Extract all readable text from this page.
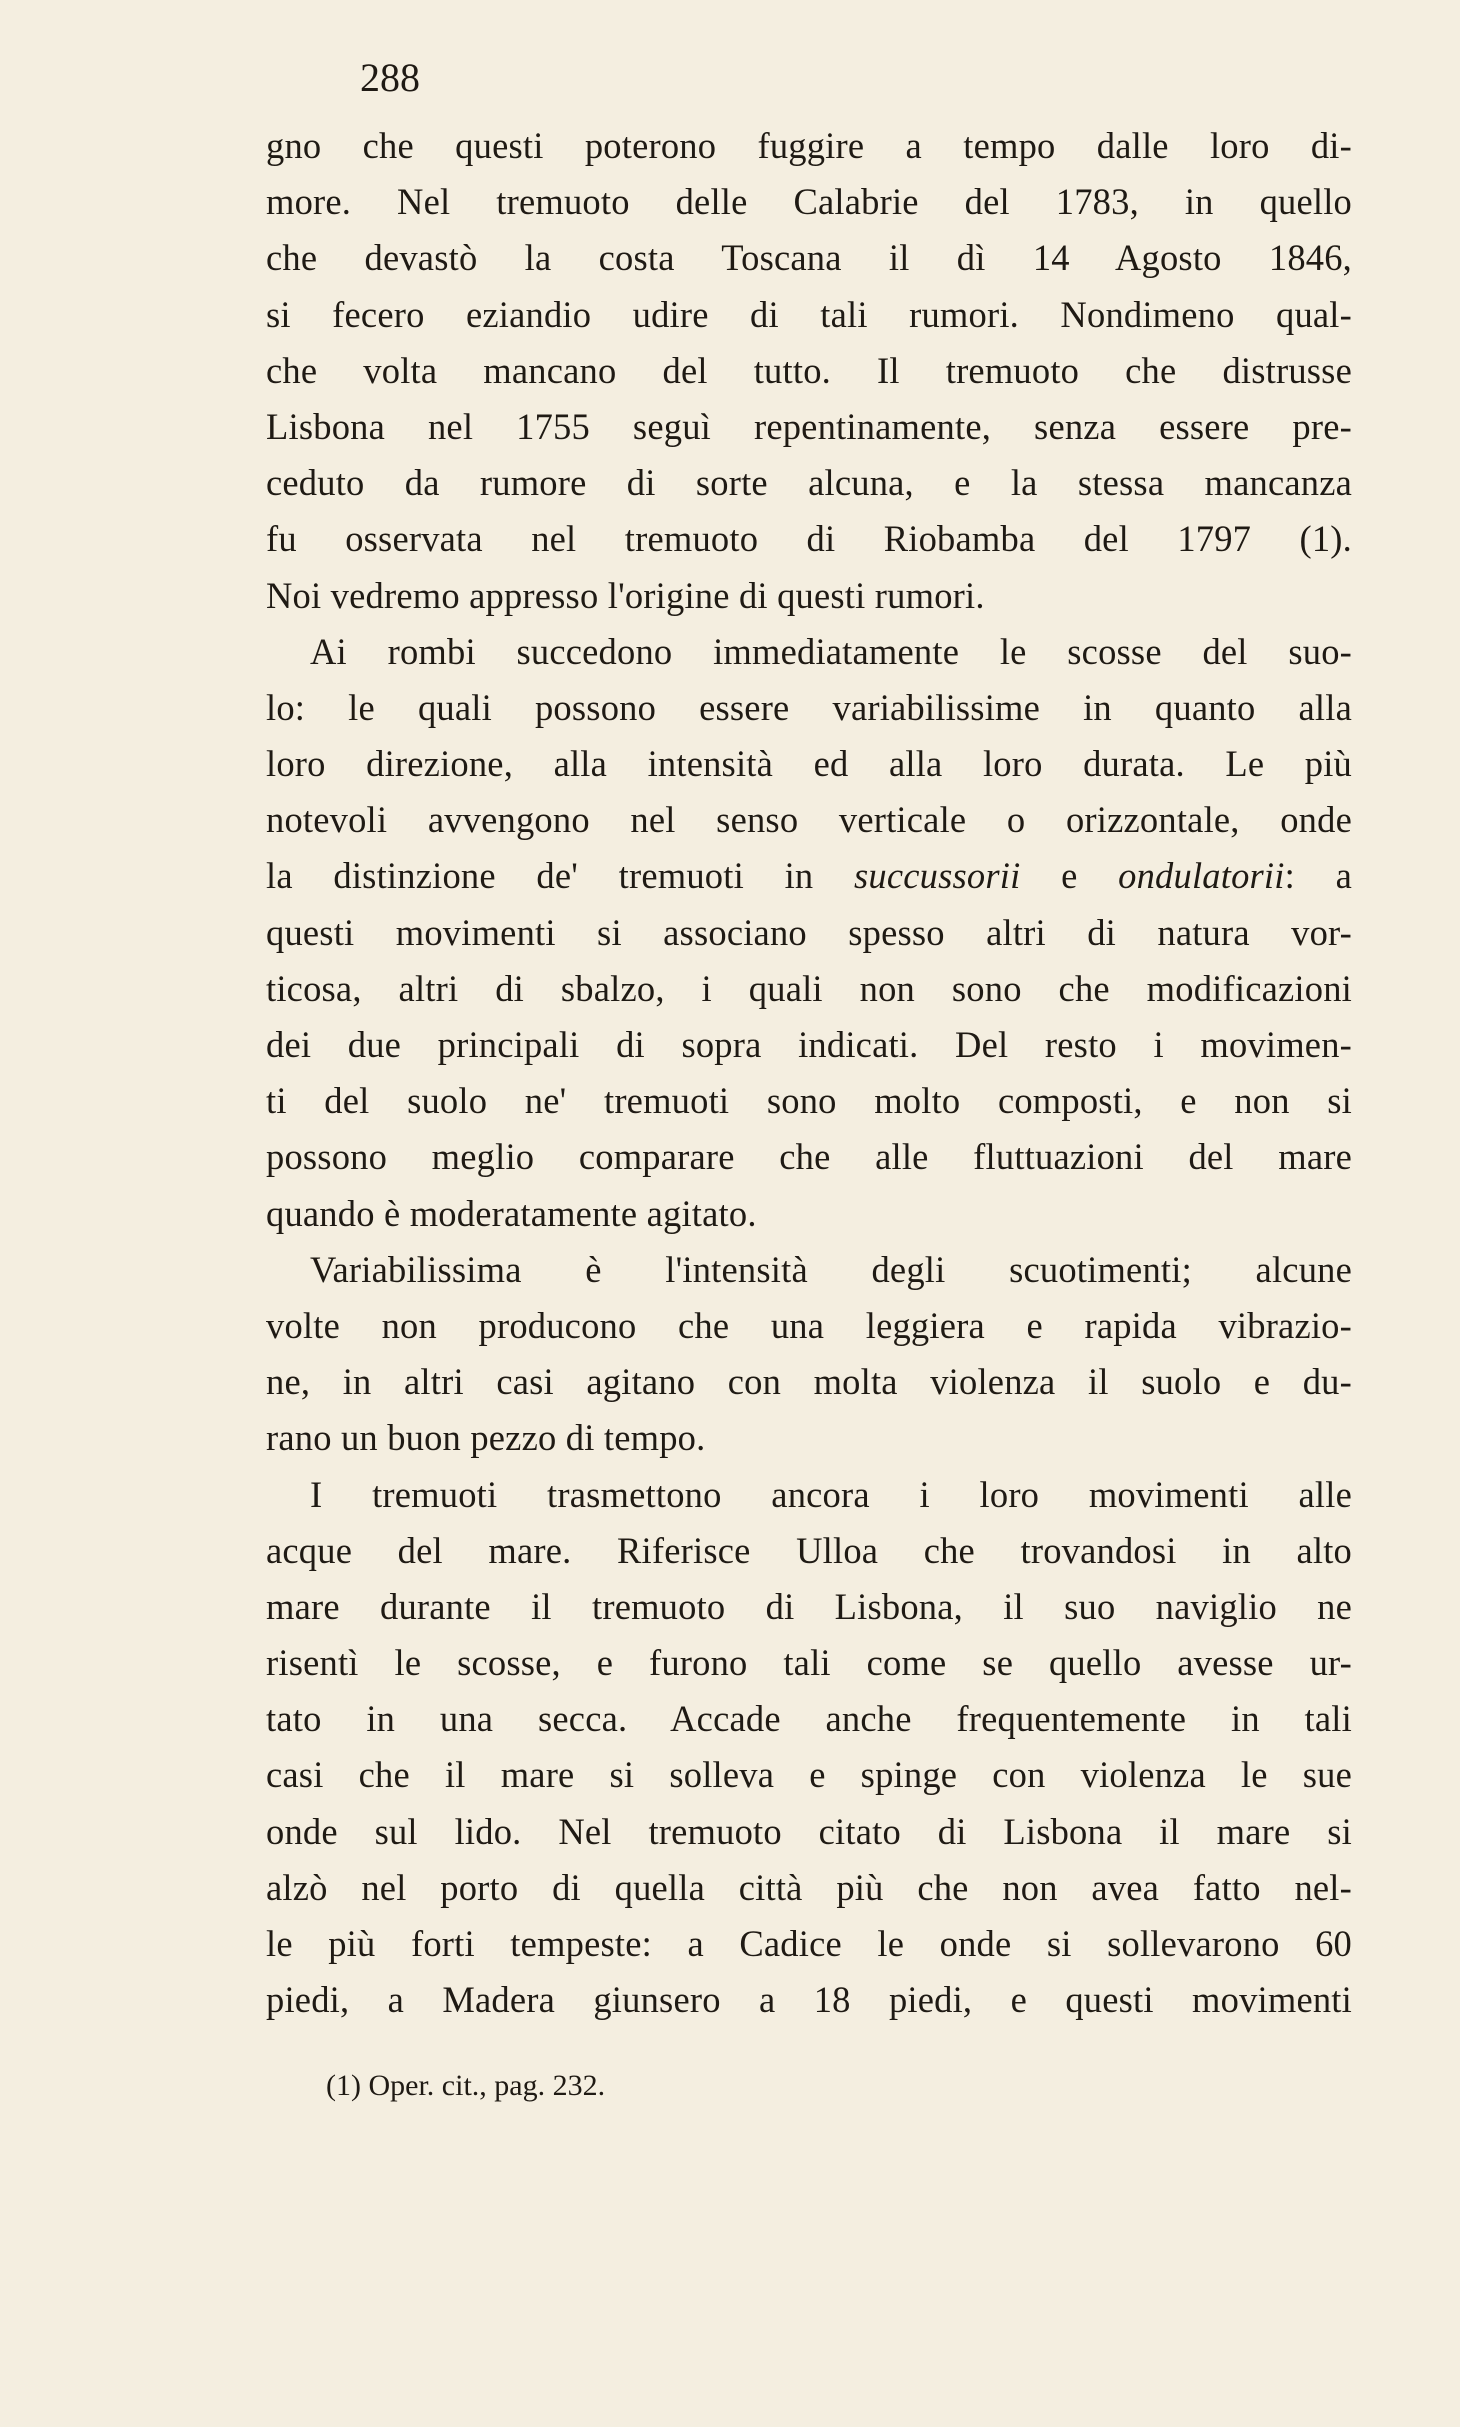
288
gno che questi poterono fuggire a tempo dalle loro di-
more. Nel tremuoto delle Calabrie del 1783, in quello
che devastò la costa Toscana il dì 14 Agosto 1846,
si fecero eziandio udire di tali rumori. Nondimeno qual-
che volta mancano del tutto. Il tremuoto che distrusse
Lisbona nel 1755 seguì repentinamente, senza essere pre-
ceduto da rumore di sorte alcuna, e la stessa mancanza
fu osservata nel tremuoto di Riobamba del 1797 (1).
Noi vedremo appresso l'origine di questi rumori.
Ai rombi succedono immediatamente le scosse del suo-
lo: le quali possono essere variabilissime in quanto alla
loro direzione, alla intensità ed alla loro durata. Le più
notevoli avvengono nel senso verticale o orizzontale, onde
la distinzione de' tremuoti in succussorii e ondulatorii: a
questi movimenti si associano spesso altri di natura vor-
ticosa, altri di sbalzo, i quali non sono che modificazioni
dei due principali di sopra indicati. Del resto i movimen-
ti del suolo ne' tremuoti sono molto composti, e non si
possono meglio comparare che alle fluttuazioni del mare
quando è moderatamente agitato.
Variabilissima è l'intensità degli scuotimenti; alcune
volte non producono che una leggiera e rapida vibrazio-
ne, in altri casi agitano con molta violenza il suolo e du-
rano un buon pezzo di tempo.
I tremuoti trasmettono ancora i loro movimenti alle
acque del mare. Riferisce Ulloa che trovandosi in alto
mare durante il tremuoto di Lisbona, il suo naviglio ne
risentì le scosse, e furono tali come se quello avesse ur-
tato in una secca. Accade anche frequentemente in tali
casi che il mare si solleva e spinge con violenza le sue
onde sul lido. Nel tremuoto citato di Lisbona il mare si
alzò nel porto di quella città più che non avea fatto nel-
le più forti tempeste: a Cadice le onde si sollevarono 60
piedi, a Madera giunsero a 18 piedi, e questi movimenti
(1) Oper. cit., pag. 232.
